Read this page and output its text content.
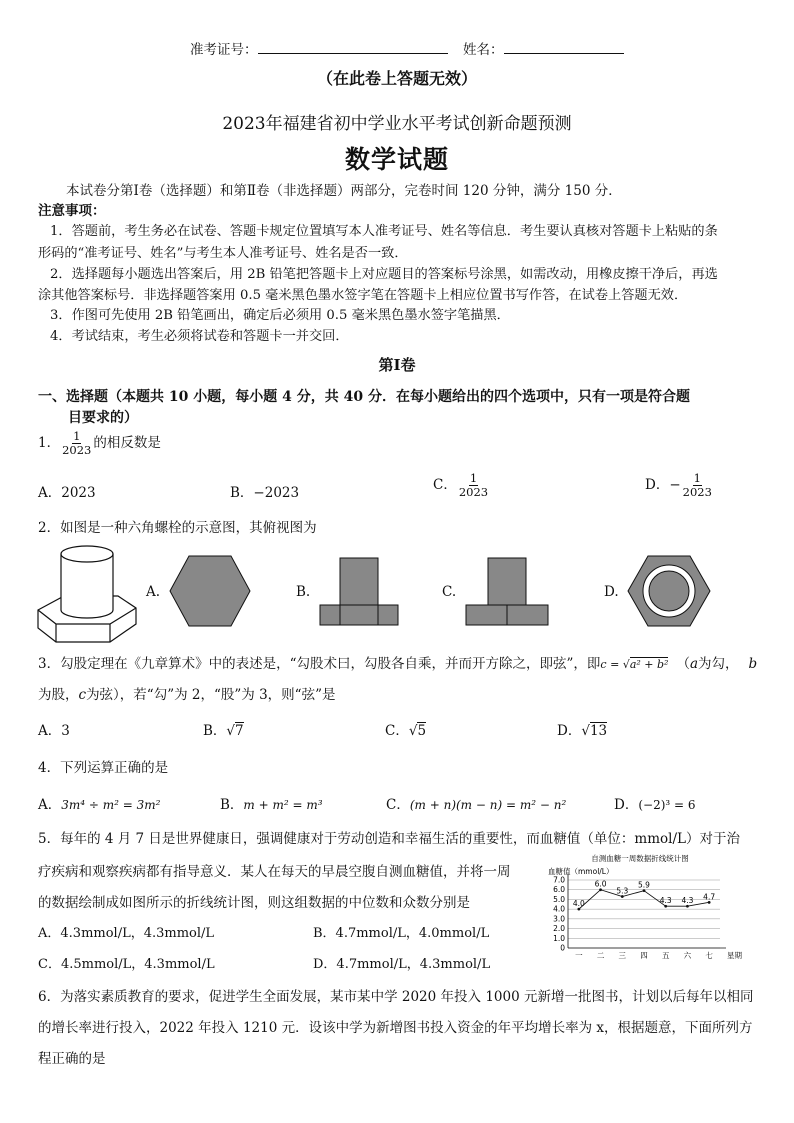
准考证号：	姓名：
（在此卷上答题无效）
2023年福建省初中学业水平考试创新命题预测
数学试题
本试卷分第Ⅰ卷（选择题）和第Ⅱ卷（非选择题）两部分，完卷时间 120 分钟，满分 150 分．
注意事项：
1．答题前，考生务必在试卷、答题卡规定位置填写本人准考证号、姓名等信息．考生要认真核对答题卡上粘贴的条
形码的“准考证号、姓名”与考生本人准考证号、姓名是否一致．
2．选择题每小题选出答案后，用 2B 铅笔把答题卡上对应题目的答案标号涂黑，如需改动，用橡皮擦干净后，再选
涂其他答案标号．非选择题答案用 0.5 毫米黑色墨水签字笔在答题卡上相应位置书写作答，在试卷上答题无效．
3．作图可先使用 2B 铅笔画出，确定后必须用 0.5 毫米黑色墨水签字笔描黑．
4．考试结束，考生必须将试卷和答题卡一并交回．
第Ⅰ卷
一、选择题（本题共 10 小题，每小题 4 分，共 40 分．在每小题给出的四个选项中，只有一项是符合题
目要求的）
1． $\frac{1}{2023}$ 的相反数是
A．2023	B．−2023	C． $\frac{1}{2023}$	D．− $\frac{1}{2023}$
2．如图是一种六角螺栓的示意图，其俯视图为
A.	B.	C.	D.
3．勾股定理在《九章算术》中的表述是，“勾股术曰，勾股各自乘，并而开方除之，即弦”，即c = √a² + b² （a为勾， b
为股，c为弦），若“勾”为 2，“股”为 3，则“弦”是
A．3	B．√7	C．√5	D．√13
4．下列运算正确的是
A．3m⁴ ÷ m² = 3m²	B．m + m² = m³	C．(m + n)(m − n) = m² − n²	D．(−2)³ = 6
5．每年的 4 月 7 日是世界健康日，强调健康对于劳动创造和幸福生活的重要性，而血糖值（单位：mmol/L）对于治
疗疾病和观察疾病都有指导意义．某人在每天的早晨空腹自测血糖值，并将一周
的数据绘制成如图所示的折线统计图，则这组数据的中位数和众数分别是
A．4.3mmol/L，4.3mmol/L	B．4.7mmol/L，4.0mmol/L
C．4.5mmol/L，4.3mmol/L	D．4.7mmol/L，4.3mmol/L
自测血糖一周数据折线统计图
血糖值（mmol/L）
星期
0
1.0
2.0
3.0
4.0
5.0
6.0
7.0
一 二 三 四 五 六 七
4.0
6.0
5.3
5.9
4.3 4.3 4.7
6．为落实素质教育的要求，促进学生全面发展，某市某中学 2020 年投入 1000 元新增一批图书，计划以后每年以相同
的增长率进行投入，2022 年投入 1210 元．设该中学为新增图书投入资金的年平均增长率为 x，根据题意，下面所列方
程正确的是
